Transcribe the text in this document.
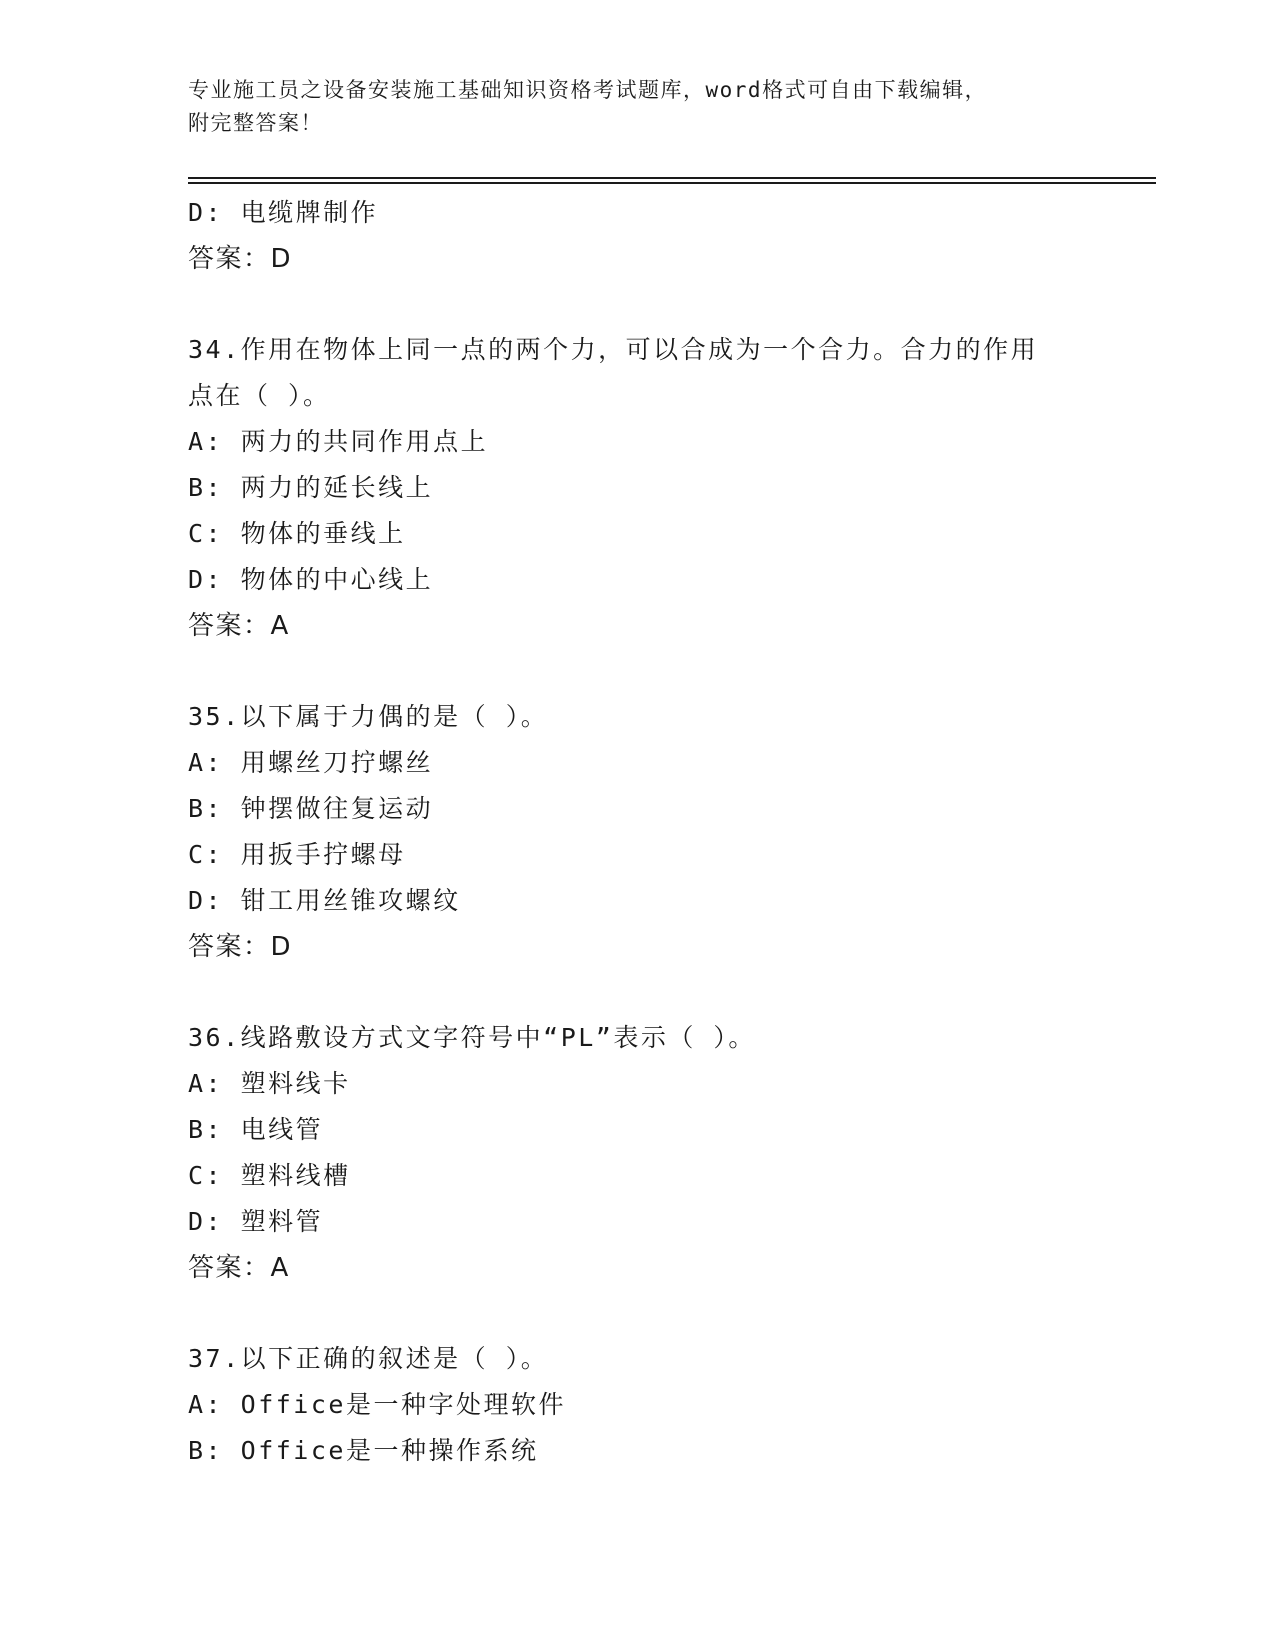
专业施工员之设备安装施工基础知识资格考试题库，word格式可自由下载编辑，
附完整答案！
D: 电缆牌制作
答案：D
34.作用在物体上同一点的两个力，可以合成为一个合力。合力的作用
点在（ ）。
A: 两力的共同作用点上
B: 两力的延长线上
C: 物体的垂线上
D: 物体的中心线上
答案：A
35.以下属于力偶的是（ ）。
A: 用螺丝刀拧螺丝
B: 钟摆做往复运动
C: 用扳手拧螺母
D: 钳工用丝锥攻螺纹
答案：D
36.线路敷设方式文字符号中“PL”表示（ ）。
A: 塑料线卡
B: 电线管
C: 塑料线槽
D: 塑料管
答案：A
37.以下正确的叙述是（ ）。
A: Office是一种字处理软件
B: Office是一种操作系统
